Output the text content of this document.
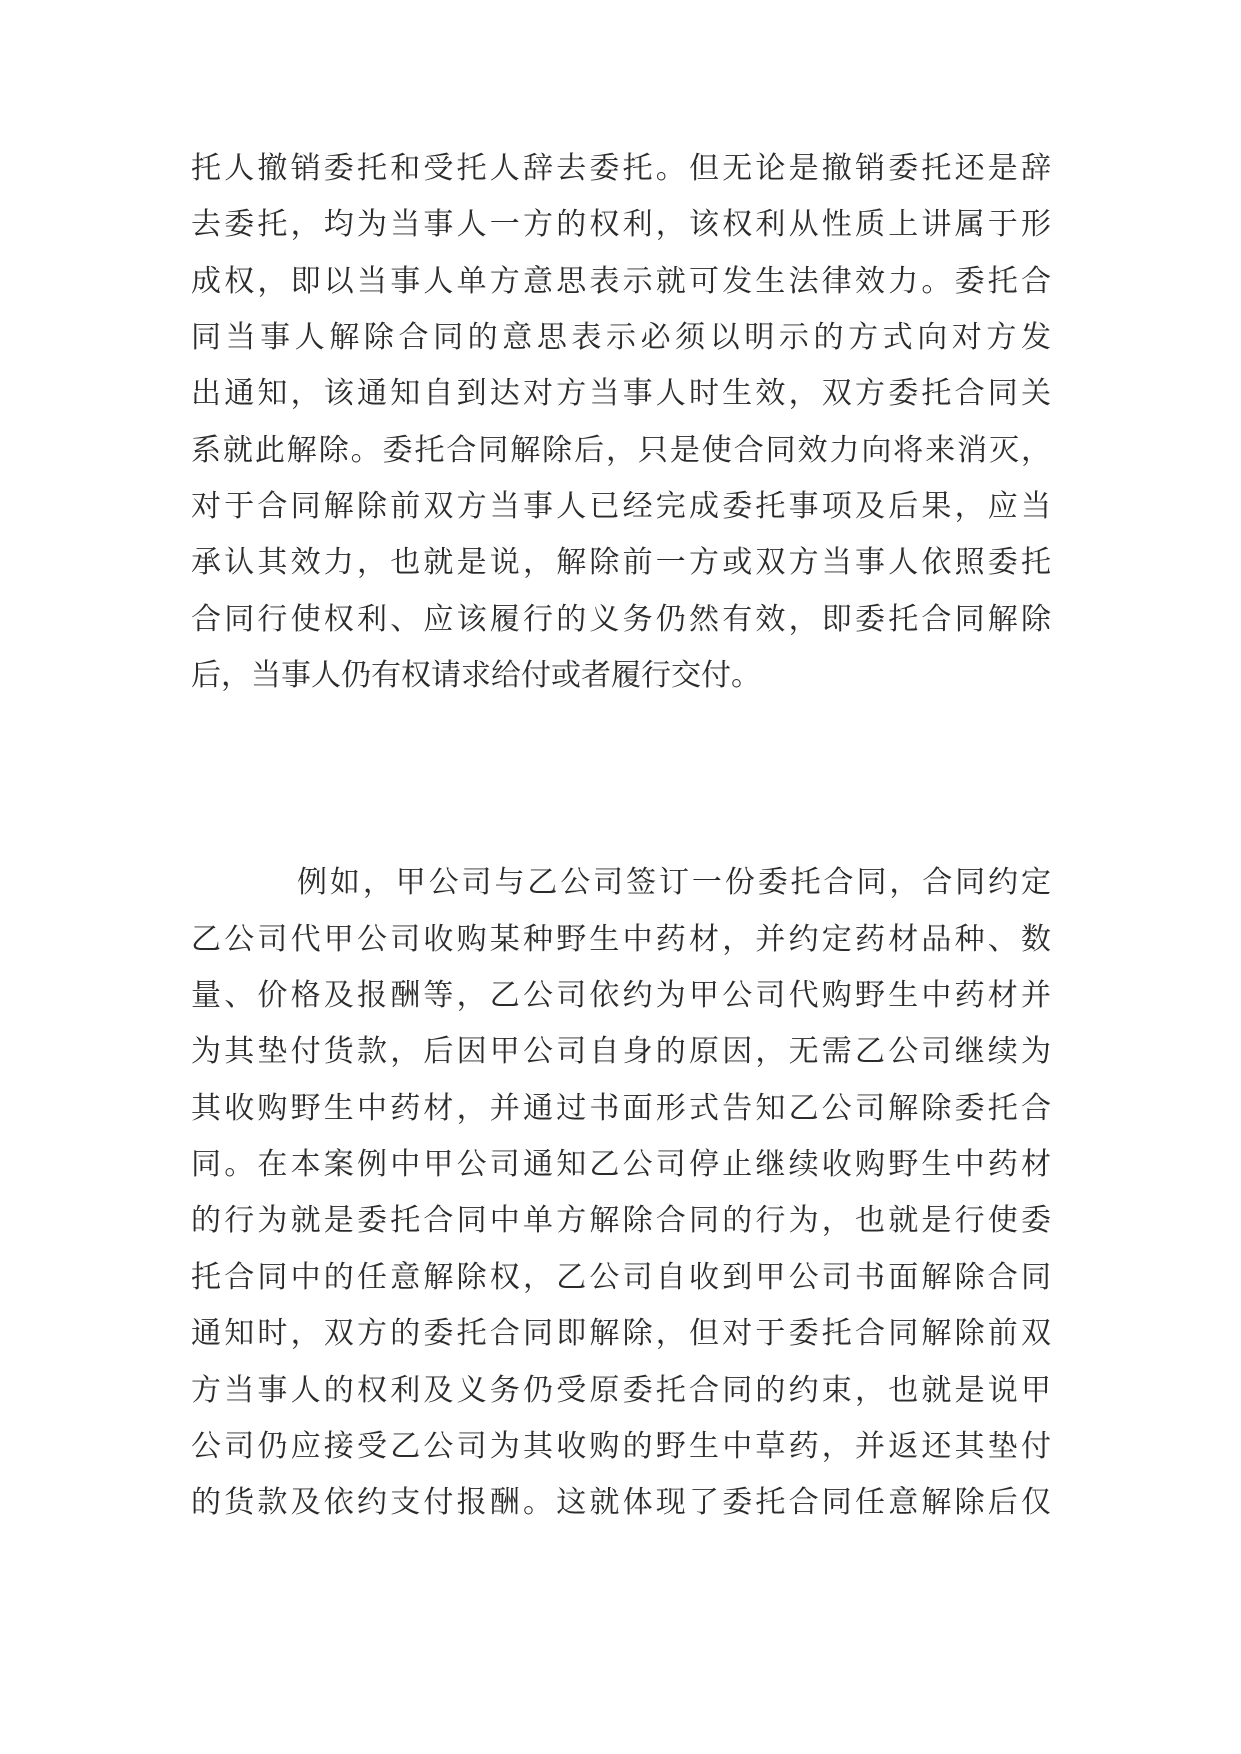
托人撤销委托和受托人辞去委托。但无论是撤销委托还是辞
去委托，均为当事人一方的权利，该权利从性质上讲属于形
成权，即以当事人单方意思表示就可发生法律效力。委托合
同当事人解除合同的意思表示必须以明示的方式向对方发
出通知，该通知自到达对方当事人时生效，双方委托合同关
系就此解除。委托合同解除后，只是使合同效力向将来消灭，
对于合同解除前双方当事人已经完成委托事项及后果，应当
承认其效力，也就是说，解除前一方或双方当事人依照委托
合同行使权利、应该履行的义务仍然有效，即委托合同解除
后，当事人仍有权请求给付或者履行交付。
例如，甲公司与乙公司签订一份委托合同，合同约定
乙公司代甲公司收购某种野生中药材，并约定药材品种、数
量、价格及报酬等，乙公司依约为甲公司代购野生中药材并
为其垫付货款，后因甲公司自身的原因，无需乙公司继续为
其收购野生中药材，并通过书面形式告知乙公司解除委托合
同。在本案例中甲公司通知乙公司停止继续收购野生中药材
的行为就是委托合同中单方解除合同的行为，也就是行使委
托合同中的任意解除权，乙公司自收到甲公司书面解除合同
通知时，双方的委托合同即解除，但对于委托合同解除前双
方当事人的权利及义务仍受原委托合同的约束，也就是说甲
公司仍应接受乙公司为其收购的野生中草药，并返还其垫付
的货款及依约支付报酬。这就体现了委托合同任意解除后仅
